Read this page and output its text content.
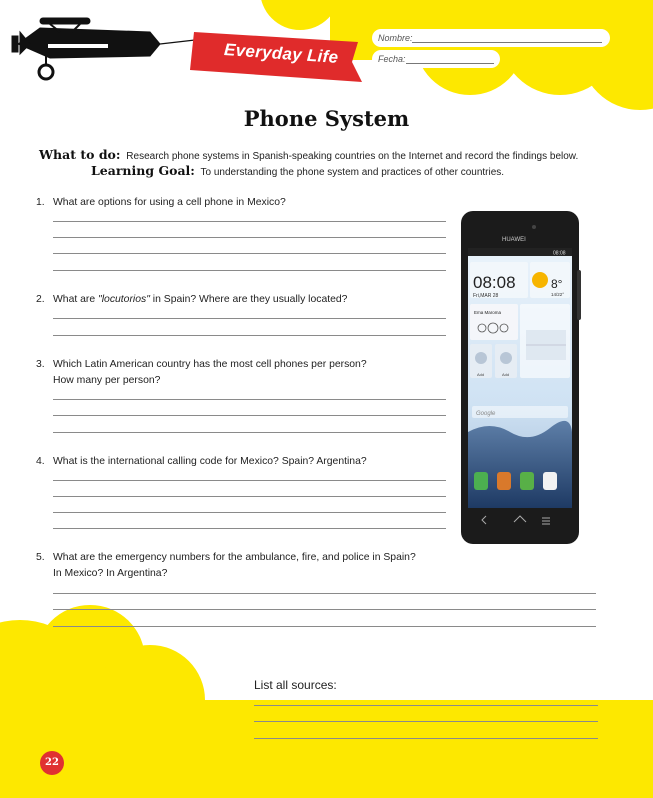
Everyday Life
Nombre:
Fecha:
Phone System
What to do: Research phone systems in Spanish-speaking countries on the Internet and record the findings below.
Learning Goal: To understanding the phone system and practices of other countries.
1. What are options for using a cell phone in Mexico?
2. What are "locutorios" in Spain? Where are they usually located?
3. Which Latin American country has the most cell phones per person?
How many per person?
4. What is the international calling code for Mexico? Spain? Argentina?
5. What are the emergency numbers for the ambulance, fire, and police in Spain?
In Mexico? In Argentina?
List all sources:
22
HUAWEI
08:08
08:08
Fri,MAR 28
8°
14/22°
Ema Maroma
Add	Add
Google
